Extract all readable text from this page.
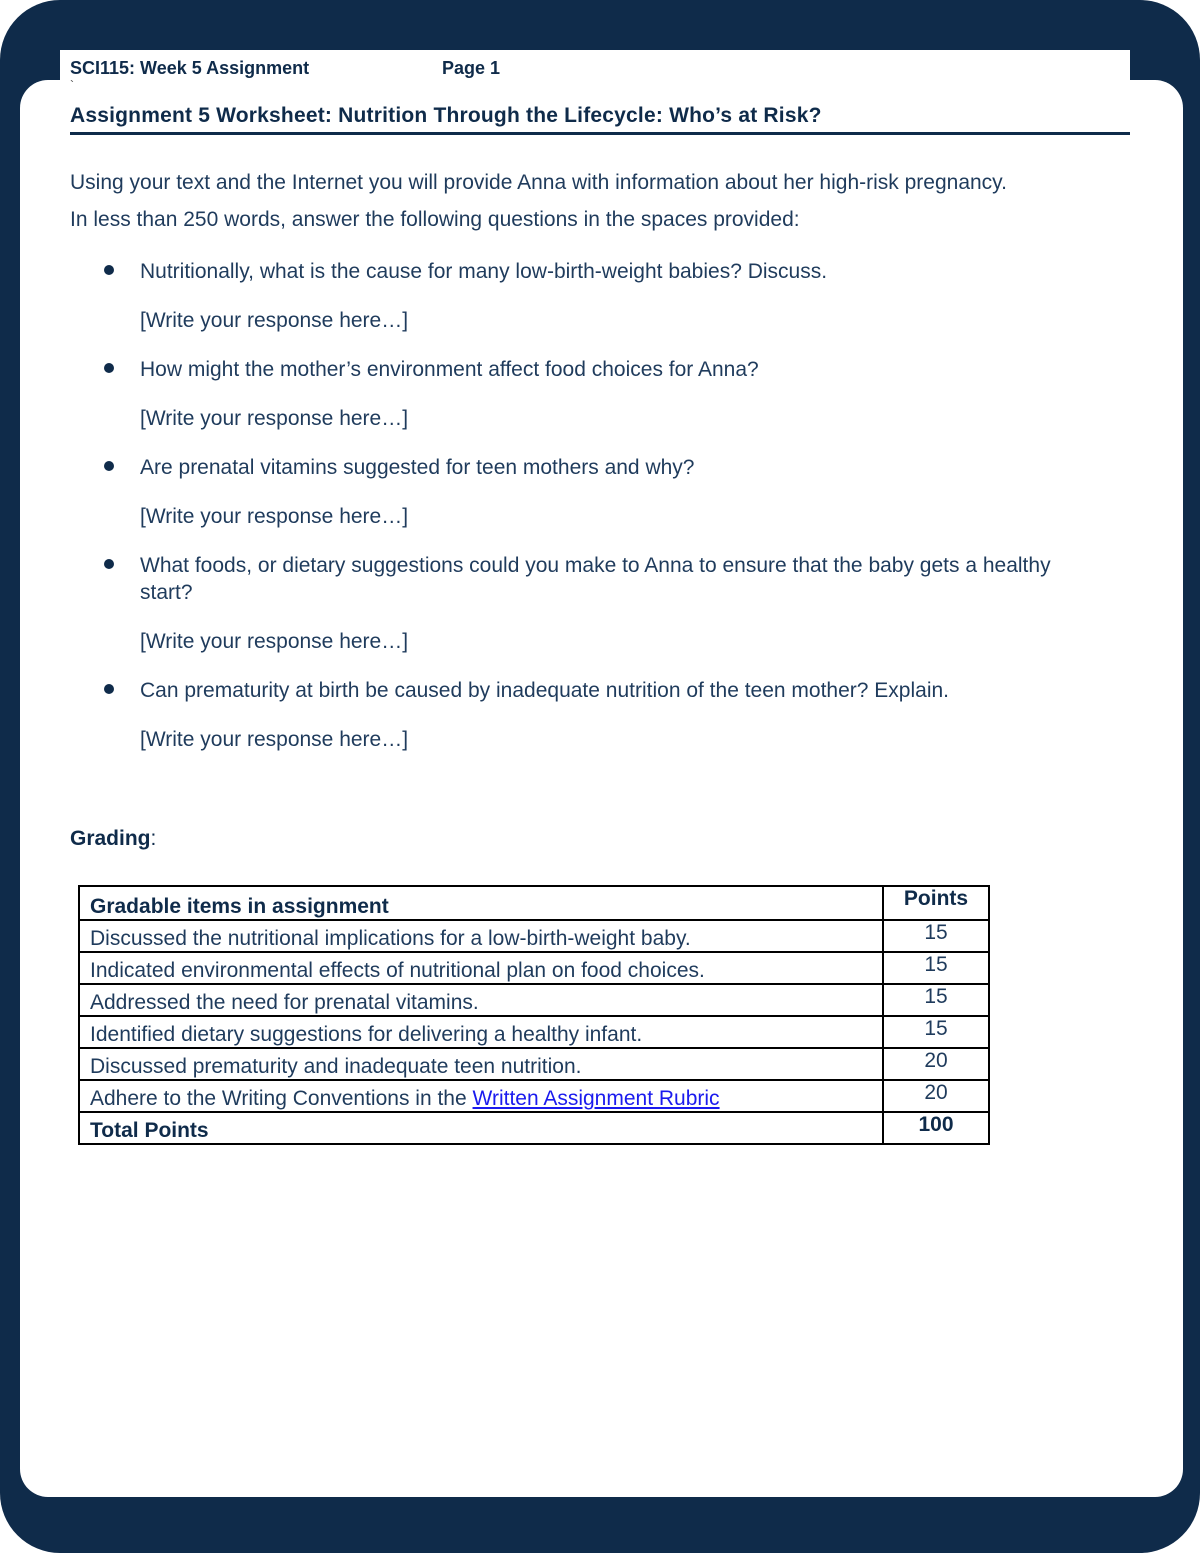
SCI115: Week 5 Assignment	Page 1
`
Assignment 5 Worksheet: Nutrition Through the Lifecycle: Who’s at Risk?
Using your text and the Internet you will provide Anna with information about her high-risk pregnancy.
In less than 250 words, answer the following questions in the spaces provided:
Nutritionally, what is the cause for many low-birth-weight babies? Discuss.
[Write your response here…]
How might the mother’s environment affect food choices for Anna?
[Write your response here…]
Are prenatal vitamins suggested for teen mothers and why?
[Write your response here…]
What foods, or dietary suggestions could you make to Anna to ensure that the baby gets a healthy start?
[Write your response here…]
Can prematurity at birth be caused by inadequate nutrition of the teen mother? Explain.
[Write your response here…]
Grading:
Gradable items in assignment	Points
Discussed the nutritional implications for a low-birth-weight baby.	15
Indicated environmental effects of nutritional plan on food choices.	15
Addressed the need for prenatal vitamins.	15
Identified dietary suggestions for delivering a healthy infant.	15
Discussed prematurity and inadequate teen nutrition.	20
Adhere to the Writing Conventions in the Written Assignment Rubric	20
Total Points	100
